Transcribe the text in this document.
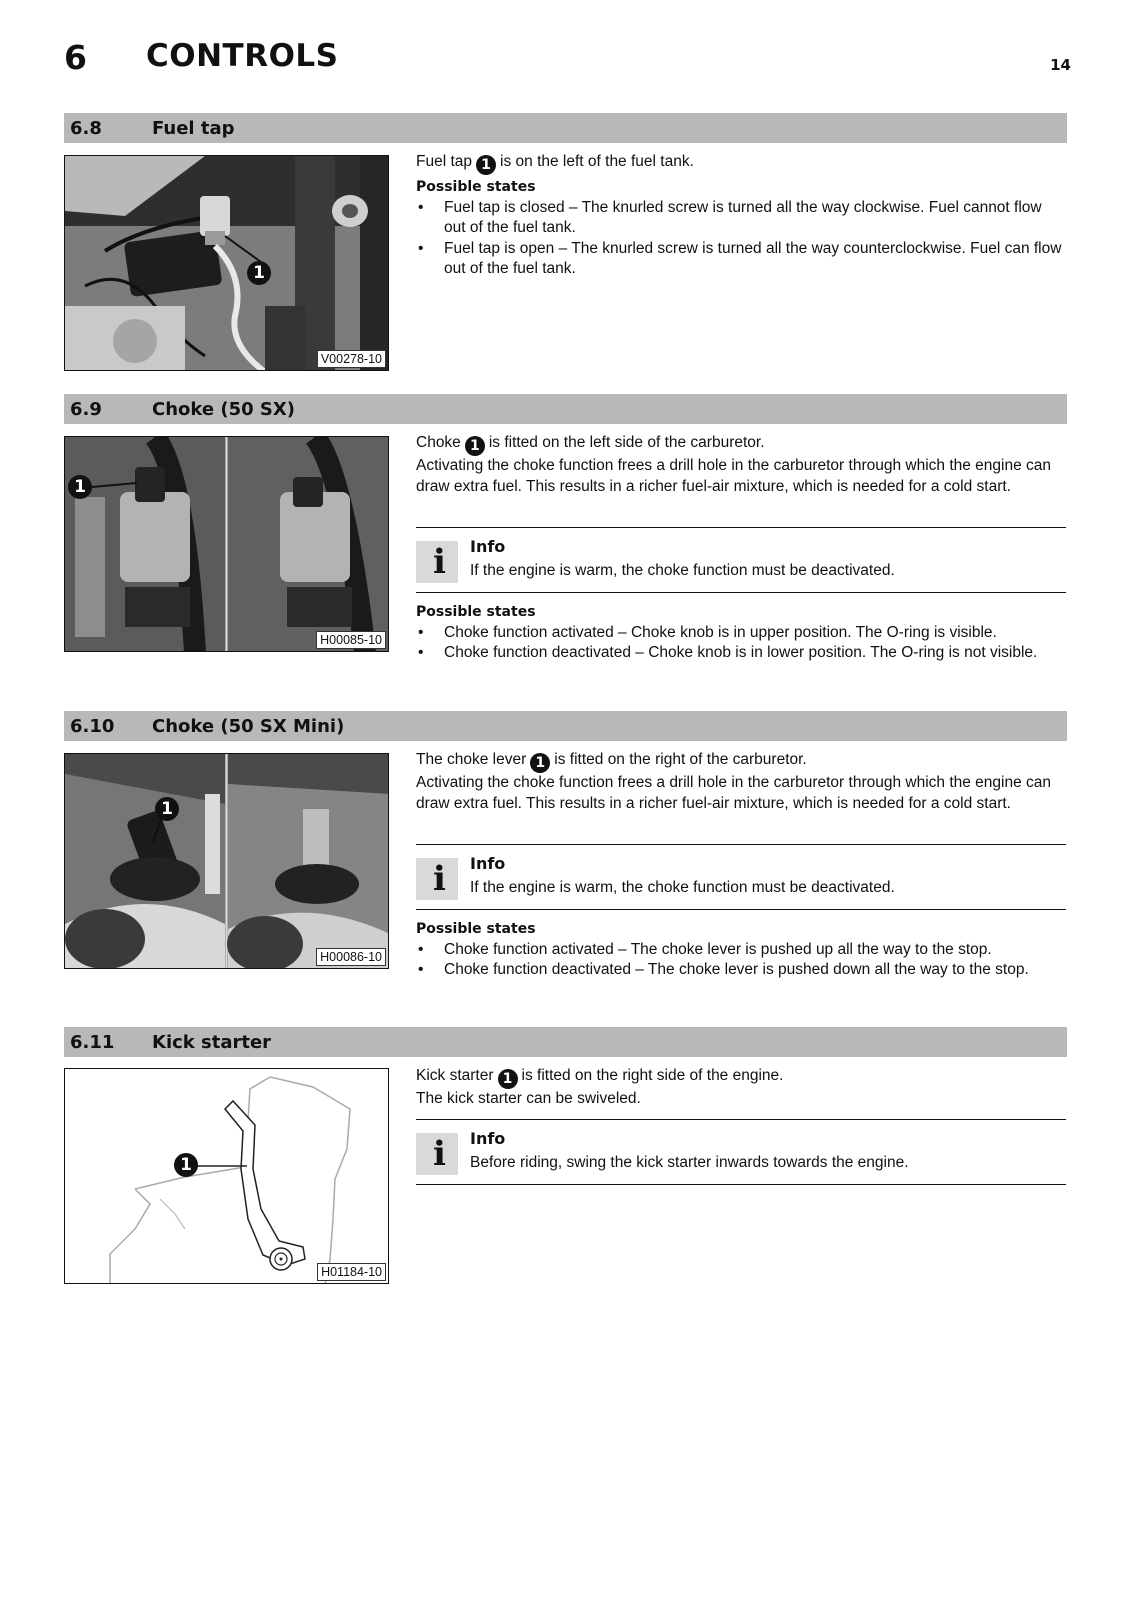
6 CONTROLS	14
6.8	Fuel tap
1
V00278-10

Fuel tap 1 is on the left of the fuel tank.

Possible states
• Fuel tap is closed – The knurled screw is turned all the way clockwise. Fuel cannot flow out of the fuel tank.
• Fuel tap is open – The knurled screw is turned all the way counterclockwise. Fuel can flow out of the fuel tank.
6.9	Choke (50 SX)
1
H00085-10

Choke 1 is fitted on the left side of the carburetor.

Activating the choke function frees a drill hole in the carburetor through which the engine can draw extra fuel. This results in a richer fuel-air mixture, which is needed for a cold start.

i Info
If the engine is warm, the choke function must be deactivated.
Possible states
• Choke function activated – Choke knob is in upper position. The O-ring is visible.
• Choke function deactivated – Choke knob is in lower position. The O-ring is not visible.
6.10 Choke (50 SX Mini)
1
H00086-10

The choke lever 1 is fitted on the right of the carburetor.

Activating the choke function frees a drill hole in the carburetor through which the engine can draw extra fuel. This results in a richer fuel-air mixture, which is needed for a cold start.

i Info
If the engine is warm, the choke function must be deactivated.
Possible states
• Choke function activated – The choke lever is pushed up all the way to the stop.
• Choke function deactivated – The choke lever is pushed down all the way to the stop.
6.11 Kick starter
1
H01184-10

Kick starter 1 is fitted on the right side of the engine.

The kick starter can be swiveled.

i Info
Before riding, swing the kick starter inwards towards the engine.
